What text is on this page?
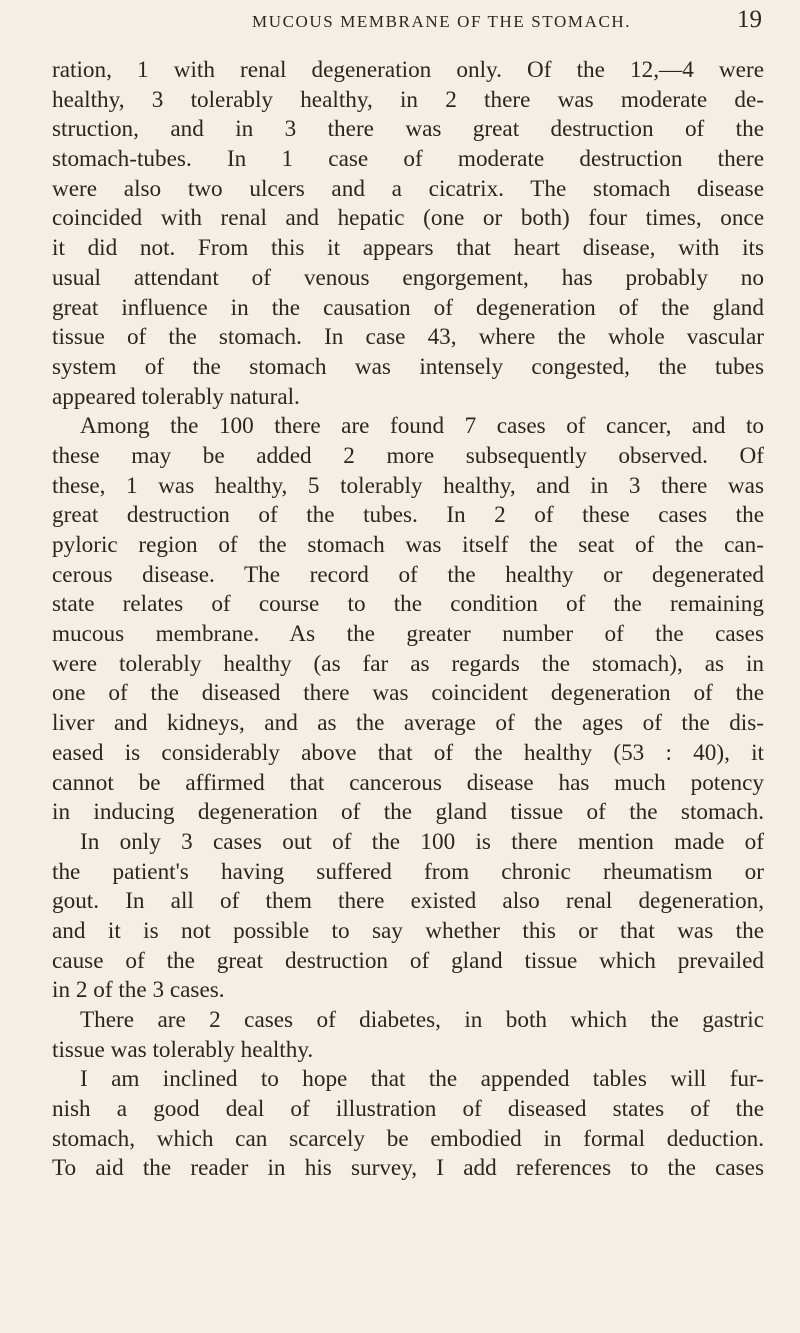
MUCOUS MEMBRANE OF THE STOMACH.	19
ration, 1 with renal degeneration only. Of the 12,—4 were
healthy, 3 tolerably healthy, in 2 there was moderate de-
struction, and in 3 there was great destruction of the
stomach-tubes. In 1 case of moderate destruction there
were also two ulcers and a cicatrix. The stomach disease
coincided with renal and hepatic (one or both) four times, once
it did not. From this it appears that heart disease, with its
usual attendant of venous engorgement, has probably no
great influence in the causation of degeneration of the gland
tissue of the stomach. In case 43, where the whole vascular
system of the stomach was intensely congested, the tubes
appeared tolerably natural.
Among the 100 there are found 7 cases of cancer, and to
these may be added 2 more subsequently observed. Of
these, 1 was healthy, 5 tolerably healthy, and in 3 there was
great destruction of the tubes. In 2 of these cases the
pyloric region of the stomach was itself the seat of the can-
cerous disease. The record of the healthy or degenerated
state relates of course to the condition of the remaining
mucous membrane. As the greater number of the cases
were tolerably healthy (as far as regards the stomach), as in
one of the diseased there was coincident degeneration of the
liver and kidneys, and as the average of the ages of the dis-
eased is considerably above that of the healthy (53 : 40), it
cannot be affirmed that cancerous disease has much potency
in inducing degeneration of the gland tissue of the stomach.
In only 3 cases out of the 100 is there mention made of
the patient's having suffered from chronic rheumatism or
gout. In all of them there existed also renal degeneration,
and it is not possible to say whether this or that was the
cause of the great destruction of gland tissue which prevailed
in 2 of the 3 cases.
There are 2 cases of diabetes, in both which the gastric
tissue was tolerably healthy.
I am inclined to hope that the appended tables will fur-
nish a good deal of illustration of diseased states of the
stomach, which can scarcely be embodied in formal deduction.
To aid the reader in his survey, I add references to the cases
